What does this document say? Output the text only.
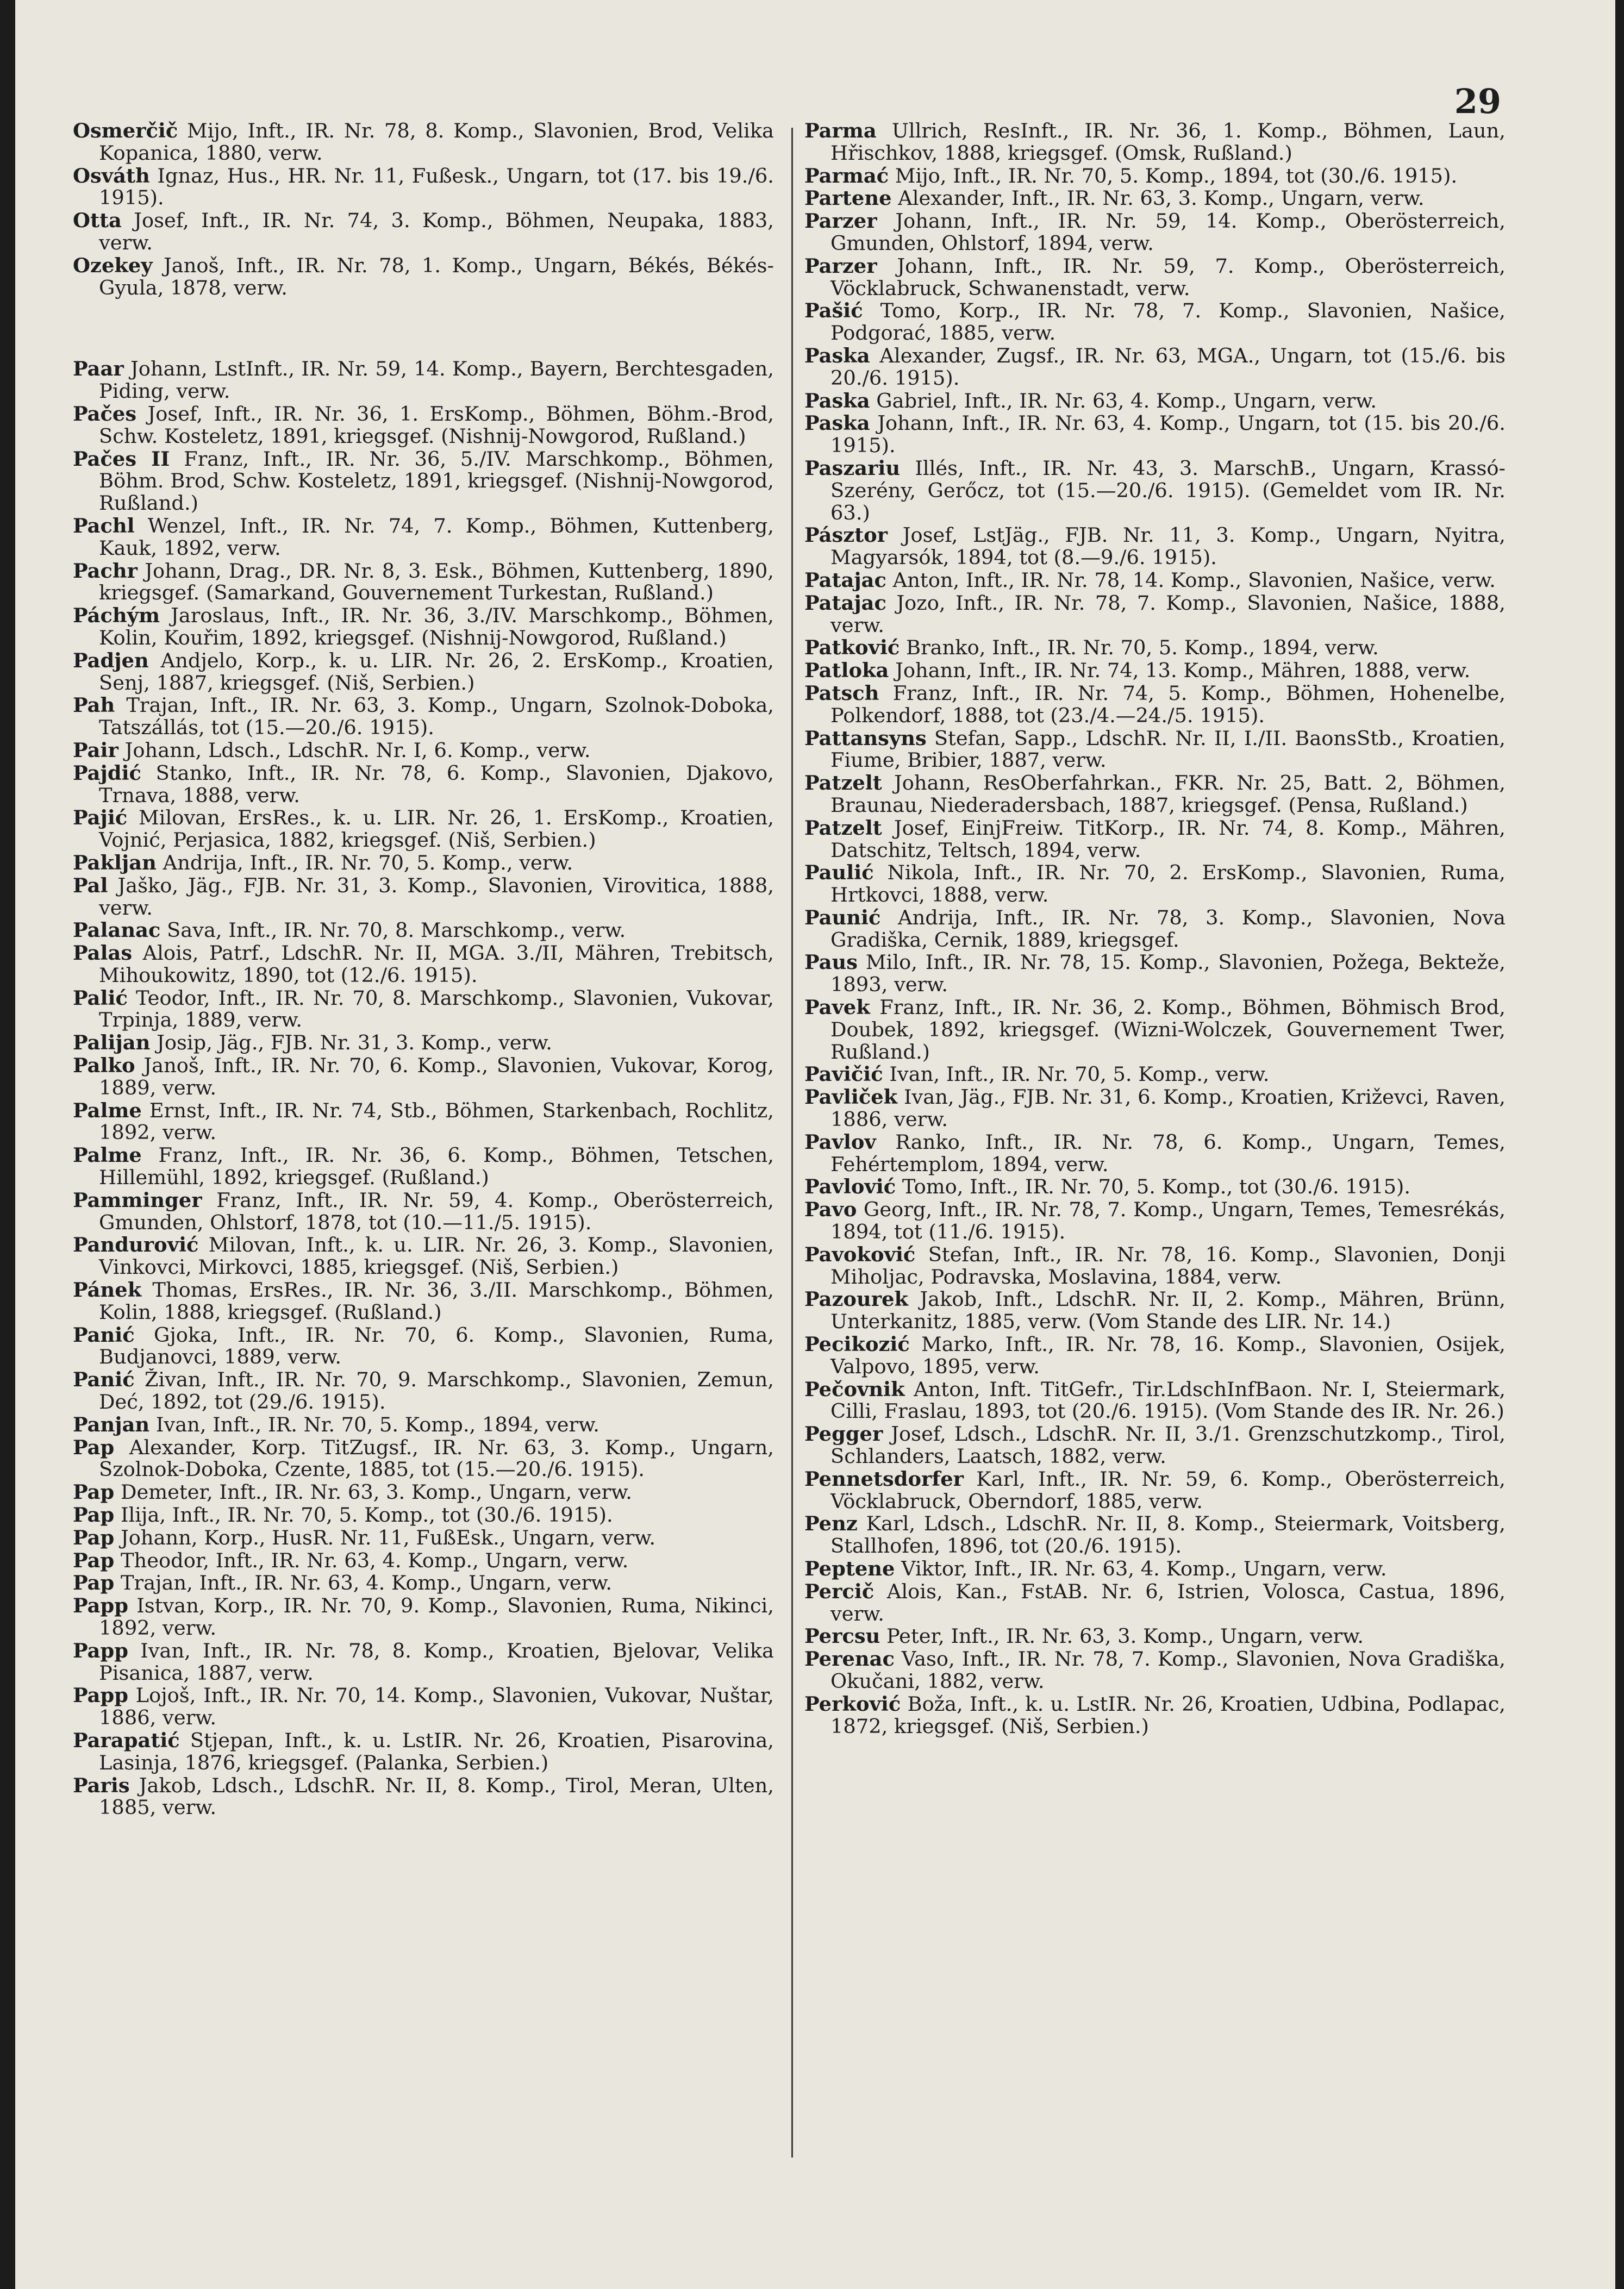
29
Osmerčič Mijo, Inft., IR. Nr. 78, 8. Komp., Slavonien, Brod, Velika Kopanica, 1880, verw.
Osváth Ignaz, Hus., HR. Nr. 11, Fußesk., Ungarn, tot (17. bis 19./6. 1915).
Otta Josef, Inft., IR. Nr. 74, 3. Komp., Böhmen, Neupaka, 1883, verw.
Ozekey Janoš, Inft., IR. Nr. 78, 1. Komp., Ungarn, Békés, Békés-Gyula, 1878, verw.
Paar Johann, LstInft., IR. Nr. 59, 14. Komp., Bayern, Berchtesgaden, Piding, verw.
Pačes Josef, Inft., IR. Nr. 36, 1. ErsKomp., Böhmen, Böhm.-Brod, Schw. Kosteletz, 1891, kriegsgef. (Nishnij-Nowgorod, Rußland.)
Pačes II Franz, Inft., IR. Nr. 36, 5./IV. Marschkomp., Böhmen, Böhm. Brod, Schw. Kosteletz, 1891, kriegsgef. (Nishnij-Nowgorod, Rußland.)
Pachl Wenzel, Inft., IR. Nr. 74, 7. Komp., Böhmen, Kuttenberg, Kauk, 1892, verw.
Pachr Johann, Drag., DR. Nr. 8, 3. Esk., Böhmen, Kuttenberg, 1890, kriegsgef. (Samarkand, Gouvernement Turkestan, Rußland.)
Páchým Jaroslaus, Inft., IR. Nr. 36, 3./IV. Marschkomp., Böhmen, Kolin, Kouřim, 1892, kriegsgef. (Nishnij-Nowgorod, Rußland.)
Padjen Andjelo, Korp., k. u. LIR. Nr. 26, 2. ErsKomp., Kroatien, Senj, 1887, kriegsgef. (Niš, Serbien.)
Pah Trajan, Inft., IR. Nr. 63, 3. Komp., Ungarn, Szolnok-Doboka, Tatszállás, tot (15.—20./6. 1915).
Pair Johann, Ldsch., LdschR. Nr. I, 6. Komp., verw.
Pajdić Stanko, Inft., IR. Nr. 78, 6. Komp., Slavonien, Djakovo, Trnava, 1888, verw.
Pajić Milovan, ErsRes., k. u. LIR. Nr. 26, 1. ErsKomp., Kroatien, Vojnić, Perjasica, 1882, kriegsgef. (Niš, Serbien.)
Pakljan Andrija, Inft., IR. Nr. 70, 5. Komp., verw.
Pal Jaško, Jäg., FJB. Nr. 31, 3. Komp., Slavonien, Virovitica, 1888, verw.
Palanac Sava, Inft., IR. Nr. 70, 8. Marschkomp., verw.
Palas Alois, Patrf., LdschR. Nr. II, MGA. 3./II, Mähren, Trebitsch, Mihoukowitz, 1890, tot (12./6. 1915).
Palić Teodor, Inft., IR. Nr. 70, 8. Marschkomp., Slavonien, Vukovar, Trpinja, 1889, verw.
Palijan Josip, Jäg., FJB. Nr. 31, 3. Komp., verw.
Palko Janoš, Inft., IR. Nr. 70, 6. Komp., Slavonien, Vukovar, Korog, 1889, verw.
Palme Ernst, Inft., IR. Nr. 74, Stb., Böhmen, Starkenbach, Rochlitz, 1892, verw.
Palme Franz, Inft., IR. Nr. 36, 6. Komp., Böhmen, Tetschen, Hillemühl, 1892, kriegsgef. (Rußland.)
Pamminger Franz, Inft., IR. Nr. 59, 4. Komp., Oberösterreich, Gmunden, Ohlstorf, 1878, tot (10.—11./5. 1915).
Pandurović Milovan, Inft., k. u. LIR. Nr. 26, 3. Komp., Slavonien, Vinkovci, Mirkovci, 1885, kriegsgef. (Niš, Serbien.)
Pánek Thomas, ErsRes., IR. Nr. 36, 3./II. Marschkomp., Böhmen, Kolin, 1888, kriegsgef. (Rußland.)
Panić Gjoka, Inft., IR. Nr. 70, 6. Komp., Slavonien, Ruma, Budjanovci, 1889, verw.
Panić Živan, Inft., IR. Nr. 70, 9. Marschkomp., Slavonien, Zemun, Deć, 1892, tot (29./6. 1915).
Panjan Ivan, Inft., IR. Nr. 70, 5. Komp., 1894, verw.
Pap Alexander, Korp. TitZugsf., IR. Nr. 63, 3. Komp., Ungarn, Szolnok-Doboka, Czente, 1885, tot (15.—20./6. 1915).
Pap Demeter, Inft., IR. Nr. 63, 3. Komp., Ungarn, verw.
Pap Ilija, Inft., IR. Nr. 70, 5. Komp., tot (30./6. 1915).
Pap Johann, Korp., HusR. Nr. 11, FußEsk., Ungarn, verw.
Pap Theodor, Inft., IR. Nr. 63, 4. Komp., Ungarn, verw.
Pap Trajan, Inft., IR. Nr. 63, 4. Komp., Ungarn, verw.
Papp Istvan, Korp., IR. Nr. 70, 9. Komp., Slavonien, Ruma, Nikinci, 1892, verw.
Papp Ivan, Inft., IR. Nr. 78, 8. Komp., Kroatien, Bjelovar, Velika Pisanica, 1887, verw.
Papp Lojoš, Inft., IR. Nr. 70, 14. Komp., Slavonien, Vukovar, Nuštar, 1886, verw.
Parapatić Stjepan, Inft., k. u. LstIR. Nr. 26, Kroatien, Pisarovina, Lasinja, 1876, kriegsgef. (Palanka, Serbien.)
Paris Jakob, Ldsch., LdschR. Nr. II, 8. Komp., Tirol, Meran, Ulten, 1885, verw.
Parma Ullrich, ResInft., IR. Nr. 36, 1. Komp., Böhmen, Laun, Hřischkov, 1888, kriegsgef. (Omsk, Rußland.)
Parmać Mijo, Inft., IR. Nr. 70, 5. Komp., 1894, tot (30./6. 1915).
Partene Alexander, Inft., IR. Nr. 63, 3. Komp., Ungarn, verw.
Parzer Johann, Inft., IR. Nr. 59, 14. Komp., Oberösterreich, Gmunden, Ohlstorf, 1894, verw.
Parzer Johann, Inft., IR. Nr. 59, 7. Komp., Oberösterreich, Vöcklabruck, Schwanenstadt, verw.
Pašić Tomo, Korp., IR. Nr. 78, 7. Komp., Slavonien, Našice, Podgorać, 1885, verw.
Paska Alexander, Zugsf., IR. Nr. 63, MGA., Ungarn, tot (15./6. bis 20./6. 1915).
Paska Gabriel, Inft., IR. Nr. 63, 4. Komp., Ungarn, verw.
Paska Johann, Inft., IR. Nr. 63, 4. Komp., Ungarn, tot (15. bis 20./6. 1915).
Paszariu Illés, Inft., IR. Nr. 43, 3. MarschB., Ungarn, Krassó-Szerény, Gerőcz, tot (15.—20./6. 1915). (Gemeldet vom IR. Nr. 63.)
Pásztor Josef, LstJäg., FJB. Nr. 11, 3. Komp., Ungarn, Nyitra, Magyarsók, 1894, tot (8.—9./6. 1915).
Patajac Anton, Inft., IR. Nr. 78, 14. Komp., Slavonien, Našice, verw.
Patajac Jozo, Inft., IR. Nr. 78, 7. Komp., Slavonien, Našice, 1888, verw.
Patković Branko, Inft., IR. Nr. 70, 5. Komp., 1894, verw.
Patloka Johann, Inft., IR. Nr. 74, 13. Komp., Mähren, 1888, verw.
Patsch Franz, Inft., IR. Nr. 74, 5. Komp., Böhmen, Hohenelbe, Polkendorf, 1888, tot (23./4.—24./5. 1915).
Pattansyns Stefan, Sapp., LdschR. Nr. II, I./II. BaonsStb., Kroatien, Fiume, Bribier, 1887, verw.
Patzelt Johann, ResOberfahrkan., FKR. Nr. 25, Batt. 2, Böhmen, Braunau, Niederadersbach, 1887, kriegsgef. (Pensa, Rußland.)
Patzelt Josef, EinjFreiw. TitKorp., IR. Nr. 74, 8. Komp., Mähren, Datschitz, Teltsch, 1894, verw.
Paulić Nikola, Inft., IR. Nr. 70, 2. ErsKomp., Slavonien, Ruma, Hrtkovci, 1888, verw.
Paunić Andrija, Inft., IR. Nr. 78, 3. Komp., Slavonien, Nova Gradiška, Cernik, 1889, kriegsgef.
Paus Milo, Inft., IR. Nr. 78, 15. Komp., Slavonien, Požega, Bekteže, 1893, verw.
Pavek Franz, Inft., IR. Nr. 36, 2. Komp., Böhmen, Böhmisch Brod, Doubek, 1892, kriegsgef. (Wizni-Wolczek, Gouvernement Twer, Rußland.)
Pavičić Ivan, Inft., IR. Nr. 70, 5. Komp., verw.
Pavliček Ivan, Jäg., FJB. Nr. 31, 6. Komp., Kroatien, Križevci, Raven, 1886, verw.
Pavlov Ranko, Inft., IR. Nr. 78, 6. Komp., Ungarn, Temes, Fehértemplom, 1894, verw.
Pavlović Tomo, Inft., IR. Nr. 70, 5. Komp., tot (30./6. 1915).
Pavo Georg, Inft., IR. Nr. 78, 7. Komp., Ungarn, Temes, Temesrékás, 1894, tot (11./6. 1915).
Pavoković Stefan, Inft., IR. Nr. 78, 16. Komp., Slavonien, Donji Miholjac, Podravska, Moslavina, 1884, verw.
Pazourek Jakob, Inft., LdschR. Nr. II, 2. Komp., Mähren, Brünn, Unterkanitz, 1885, verw. (Vom Stande des LIR. Nr. 14.)
Pecikozić Marko, Inft., IR. Nr. 78, 16. Komp., Slavonien, Osijek, Valpovo, 1895, verw.
Pečovnik Anton, Inft. TitGefr., Tir.LdschInfBaon. Nr. I, Steiermark, Cilli, Fraslau, 1893, tot (20./6. 1915). (Vom Stande des IR. Nr. 26.)
Pegger Josef, Ldsch., LdschR. Nr. II, 3./1. Grenzschutzkomp., Tirol, Schlanders, Laatsch, 1882, verw.
Pennetsdorfer Karl, Inft., IR. Nr. 59, 6. Komp., Oberösterreich, Vöcklabruck, Oberndorf, 1885, verw.
Penz Karl, Ldsch., LdschR. Nr. II, 8. Komp., Steiermark, Voitsberg, Stallhofen, 1896, tot (20./6. 1915).
Peptene Viktor, Inft., IR. Nr. 63, 4. Komp., Ungarn, verw.
Percič Alois, Kan., FstAB. Nr. 6, Istrien, Volosca, Castua, 1896, verw.
Percsu Peter, Inft., IR. Nr. 63, 3. Komp., Ungarn, verw.
Perenac Vaso, Inft., IR. Nr. 78, 7. Komp., Slavonien, Nova Gradiška, Okučani, 1882, verw.
Perković Boža, Inft., k. u. LstIR. Nr. 26, Kroatien, Udbina, Podlapac, 1872, kriegsgef. (Niš, Serbien.)
